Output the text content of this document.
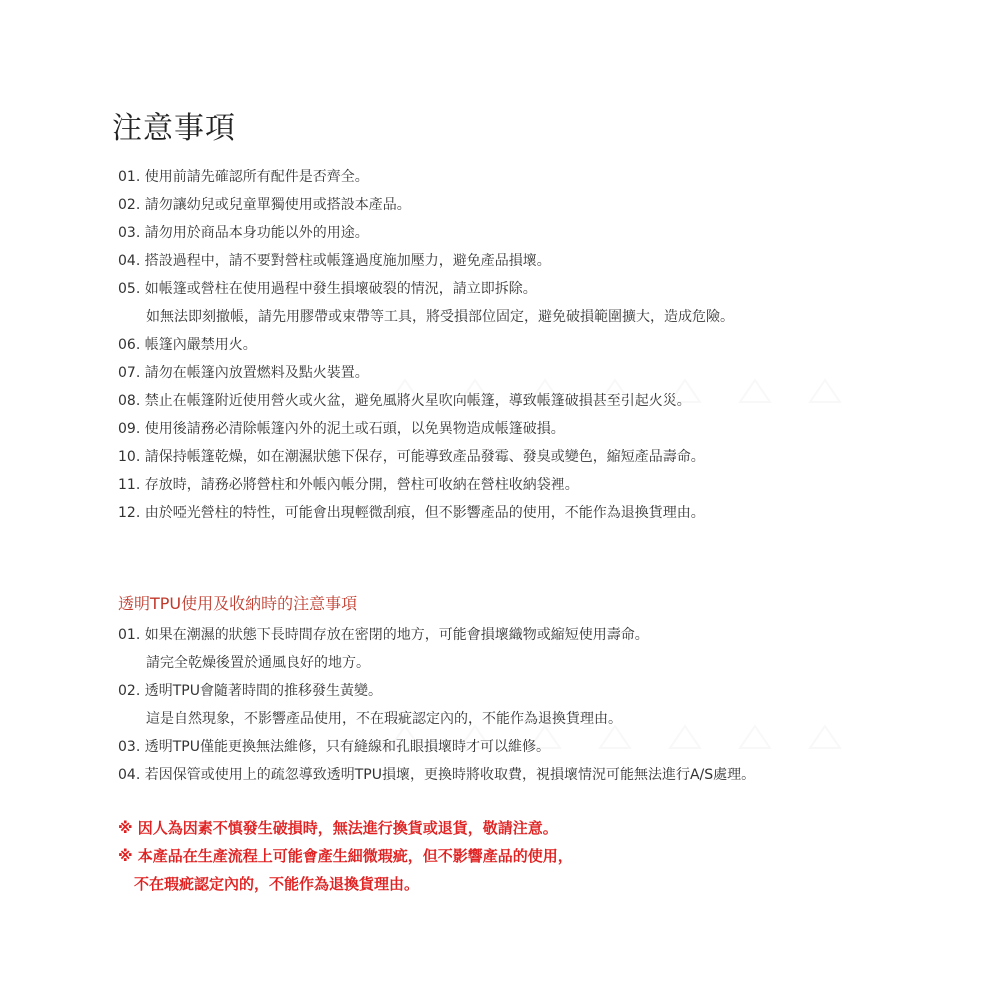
注意事項
01. 使用前請先確認所有配件是否齊全。
02. 請勿讓幼兒或兒童單獨使用或搭設本產品。
03. 請勿用於商品本身功能以外的用途。
04. 搭設過程中，請不要對營柱或帳篷過度施加壓力，避免產品損壞。
05. 如帳篷或營柱在使用過程中發生損壞破裂的情況，請立即拆除。
如無法即刻撤帳，請先用膠帶或束帶等工具，將受損部位固定，避免破損範圍擴大，造成危險。
06. 帳篷內嚴禁用火。
07. 請勿在帳篷內放置燃料及點火裝置。
08. 禁止在帳篷附近使用營火或火盆，避免風將火星吹向帳篷，導致帳篷破損甚至引起火災。
09. 使用後請務必清除帳篷內外的泥土或石頭，以免異物造成帳篷破損。
10. 請保持帳篷乾燥，如在潮濕狀態下保存，可能導致產品發霉、發臭或變色，縮短產品壽命。
11. 存放時，請務必將營柱和外帳內帳分開，營柱可收納在營柱收納袋裡。
12. 由於啞光營柱的特性，可能會出現輕微刮痕，但不影響產品的使用，不能作為退換貨理由。
透明TPU使用及收納時的注意事項
01. 如果在潮濕的狀態下長時間存放在密閉的地方，可能會損壞織物或縮短使用壽命。
請完全乾燥後置於通風良好的地方。
02. 透明TPU會隨著時間的推移發生黃變。
這是自然現象，不影響產品使用，不在瑕疵認定內的，不能作為退換貨理由。
03. 透明TPU僅能更換無法維修，只有縫線和孔眼損壞時才可以維修。
04. 若因保管或使用上的疏忽導致透明TPU損壞，更換時將收取費，視損壞情況可能無法進行A/S處理。
※ 因人為因素不慎發生破損時，無法進行換貨或退貨，敬請注意。
※ 本產品在生產流程上可能會產生細微瑕疵，但不影響產品的使用，
不在瑕疵認定內的，不能作為退換貨理由。
